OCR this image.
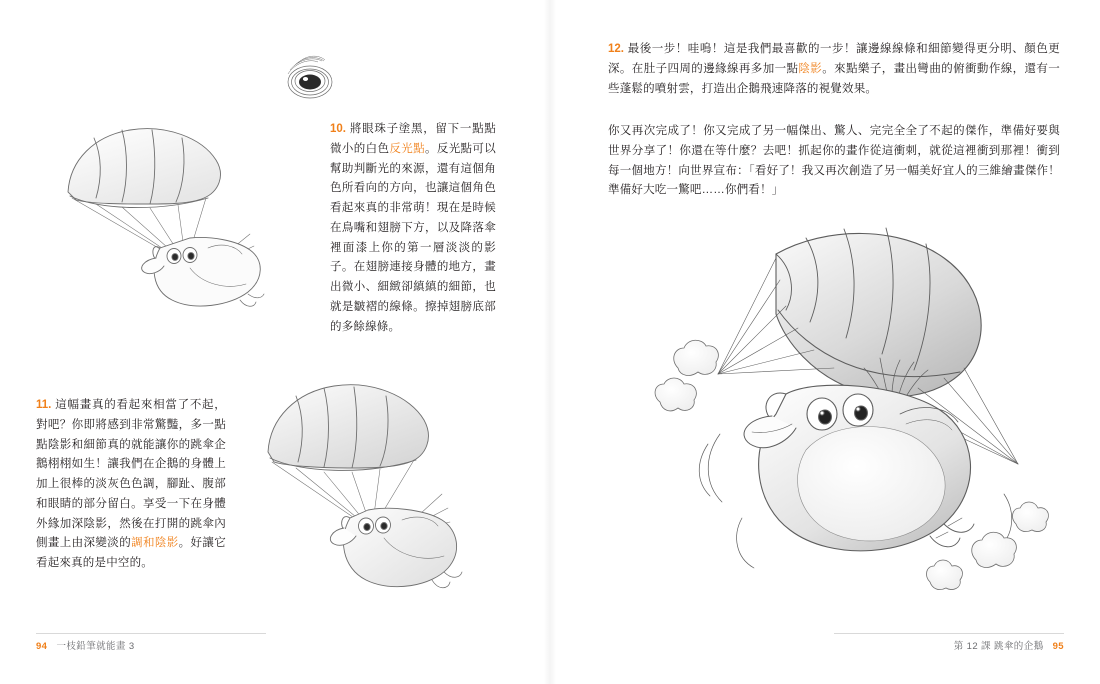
10. 將眼珠子塗黑，留下一點點微小的白色反光點。反光點可以幫助判斷光的來源，還有這個角色所看向的方向，也讓這個角色看起來真的非常萌！現在是時候在鳥嘴和翅膀下方，以及降落傘裡面漆上你的第一層淡淡的影子。在翅膀連接身體的地方，畫出微小、細緻卻縝縝的細節，也就是皺褶的線條。擦掉翅膀底部的多餘線條。
11. 這幅畫真的看起來相當了不起，對吧？你即將感到非常驚豔，多一點點陰影和細節真的就能讓你的跳傘企鵝栩栩如生！讓我們在企鵝的身體上加上很棒的淡灰色色調，腳趾、腹部和眼睛的部分留白。享受一下在身體外緣加深陰影，然後在打開的跳傘內側畫上由深變淡的調和陰影。好讓它看起來真的是中空的。
94 一枝鉛筆就能畫 3
12. 最後一步！哇嗚！這是我們最喜歡的一步！讓邊線線條和細節變得更分明、顏色更深。在肚子四周的邊緣線再多加一點陰影。來點樂子，畫出彎曲的俯衝動作線，還有一些蓬鬆的噴射雲，打造出企鵝飛速降落的視覺效果。
你又再次完成了！你又完成了另一幅傑出、驚人、完完全全了不起的傑作，準備好要與世界分享了！你還在等什麼？去吧！抓起你的畫作從這衝刺，就從這裡衝到那裡！衝到每一個地方！向世界宣布：「看好了！我又再次創造了另一幅美好宜人的三維繪畫傑作！準備好大吃一驚吧……你們看！」
第 12 課 跳傘的企鵝 95
